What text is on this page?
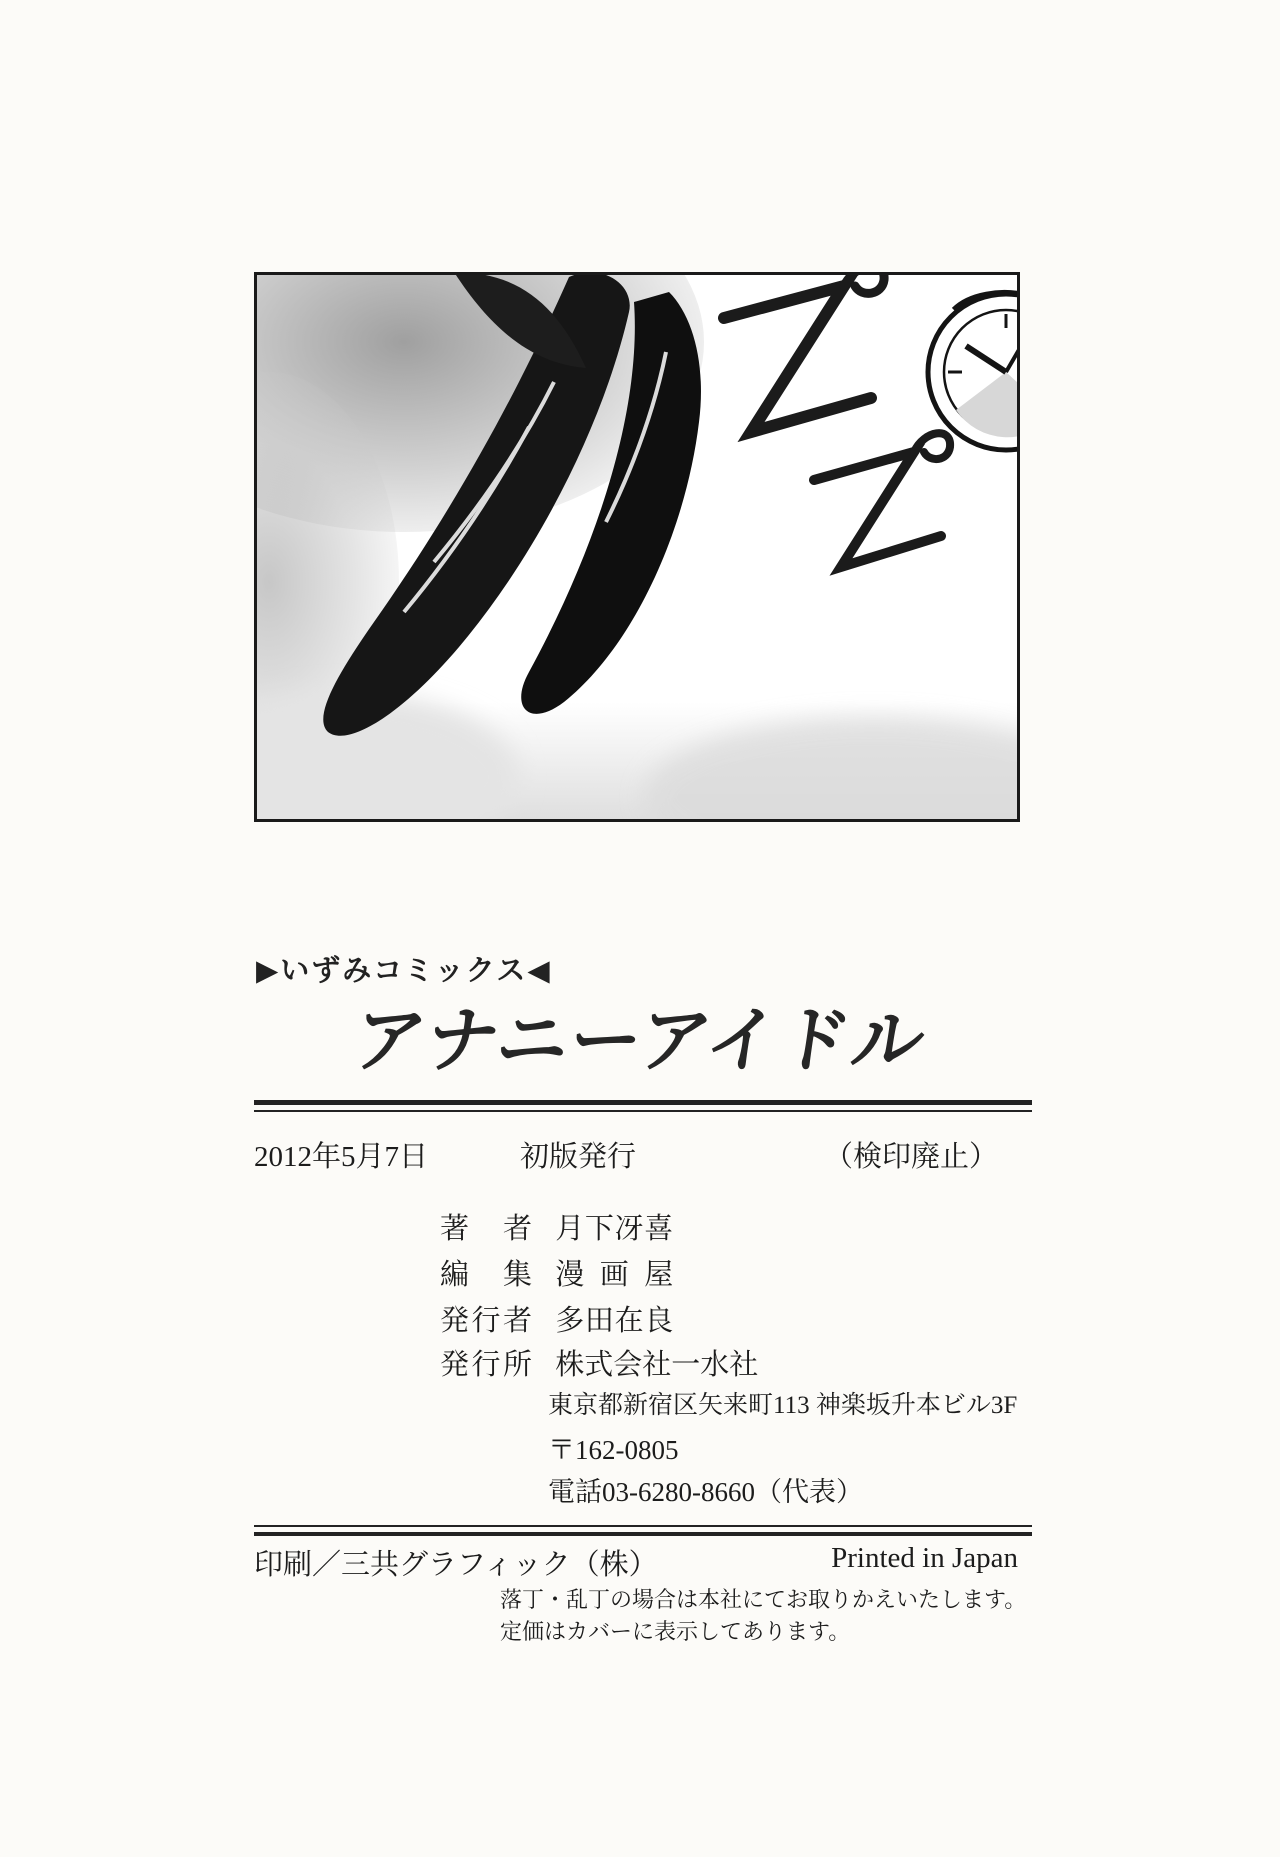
▶いずみコミックス◀
アナニーアイドル
2012年5月7日	初版発行	（検印廃止）
著者 月下冴喜
編集 漫画屋
発行者 多田在良
発行所 株式会社一水社
東京都新宿区矢来町113 神楽坂升本ビル3F
〒162-0805
電話03-6280-8660（代表）
印刷／三共グラフィック（株）	Printed in Japan
落丁・乱丁の場合は本社にてお取りかえいたします。
定価はカバーに表示してあります。
